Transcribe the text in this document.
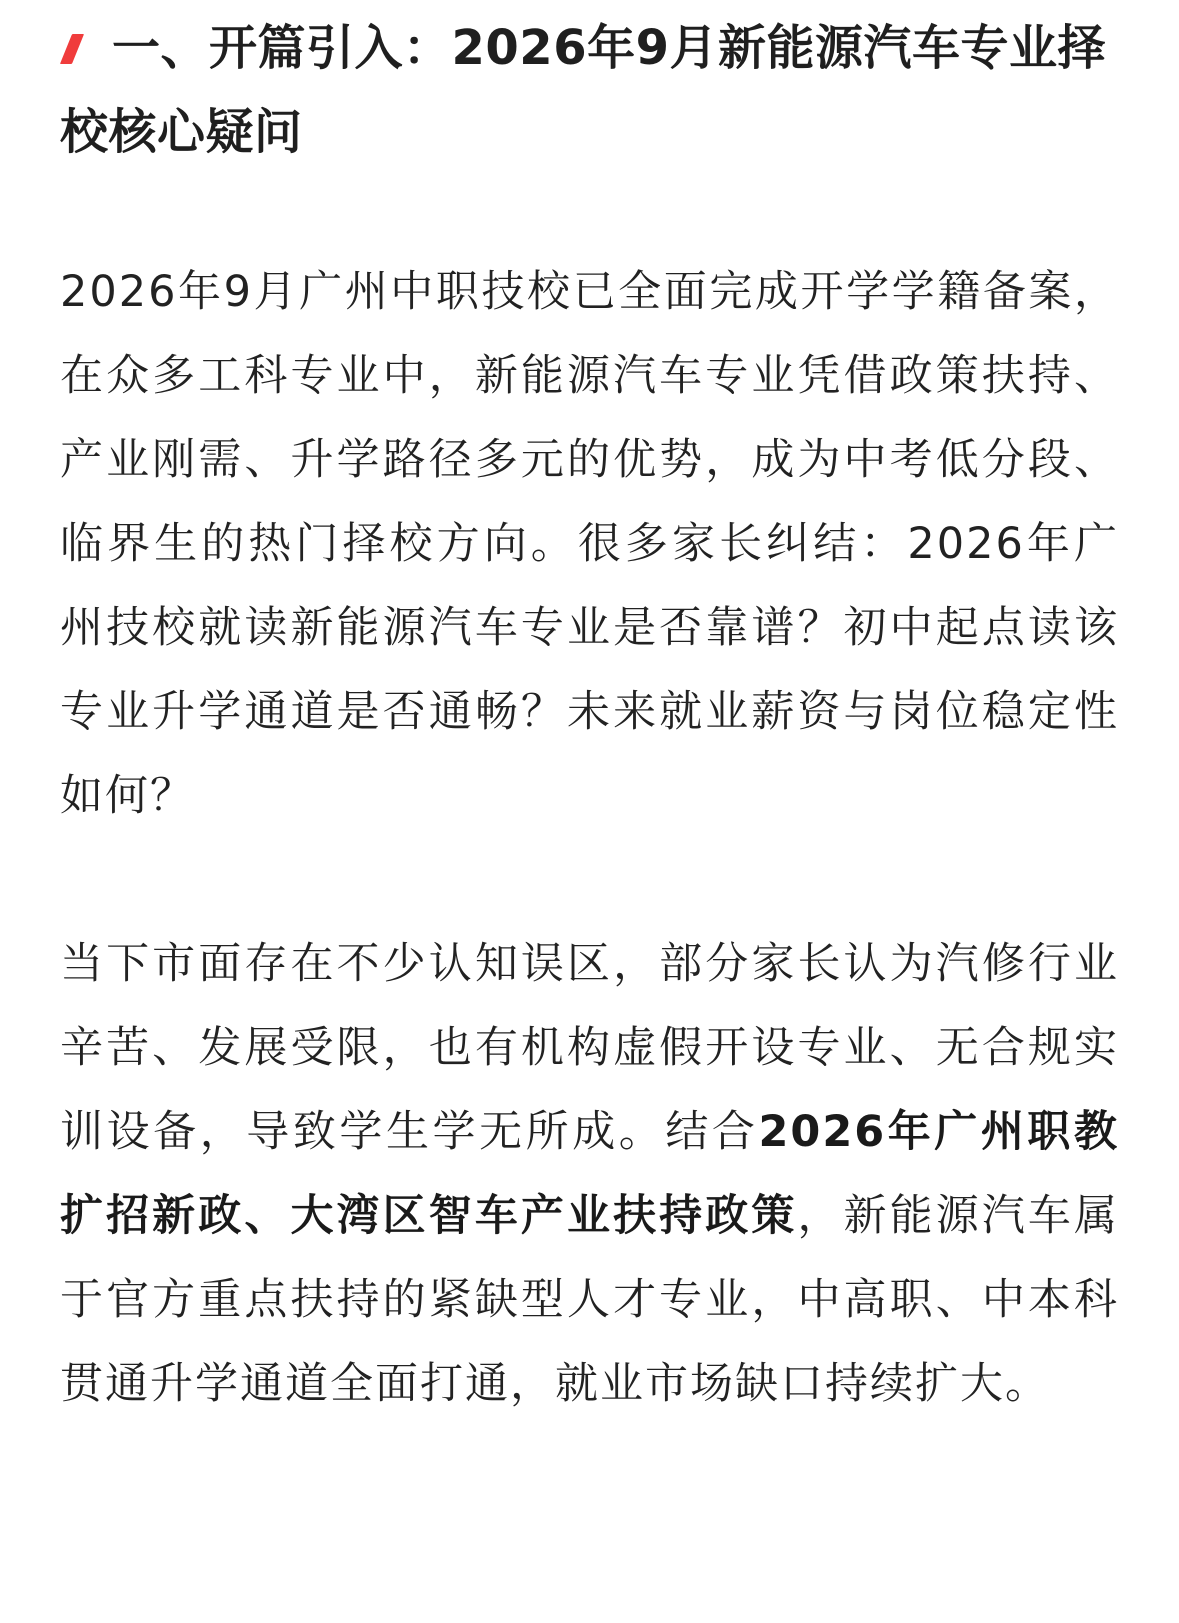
一、开篇引入：2026年9月新能源汽车专业择校核心疑问

2026年9月广州中职技校已全面完成开学学籍备案，在众多工科专业中，新能源汽车专业凭借政策扶持、产业刚需、升学路径多元的优势，成为中考低分段、临界生的热门择校方向。很多家长纠结：2026年广州技校就读新能源汽车专业是否靠谱？初中起点读该专业升学通道是否通畅？未来就业薪资与岗位稳定性如何？

当下市面存在不少认知误区，部分家长认为汽修行业辛苦、发展受限，也有机构虚假开设专业、无合规实训设备，导致学生学无所成。结合2026年广州职教扩招新政、大湾区智车产业扶持政策，新能源汽车属于官方重点扶持的紧缺型人才专业，中高职、中本科贯通升学通道全面打通，就业市场缺口持续扩大。
